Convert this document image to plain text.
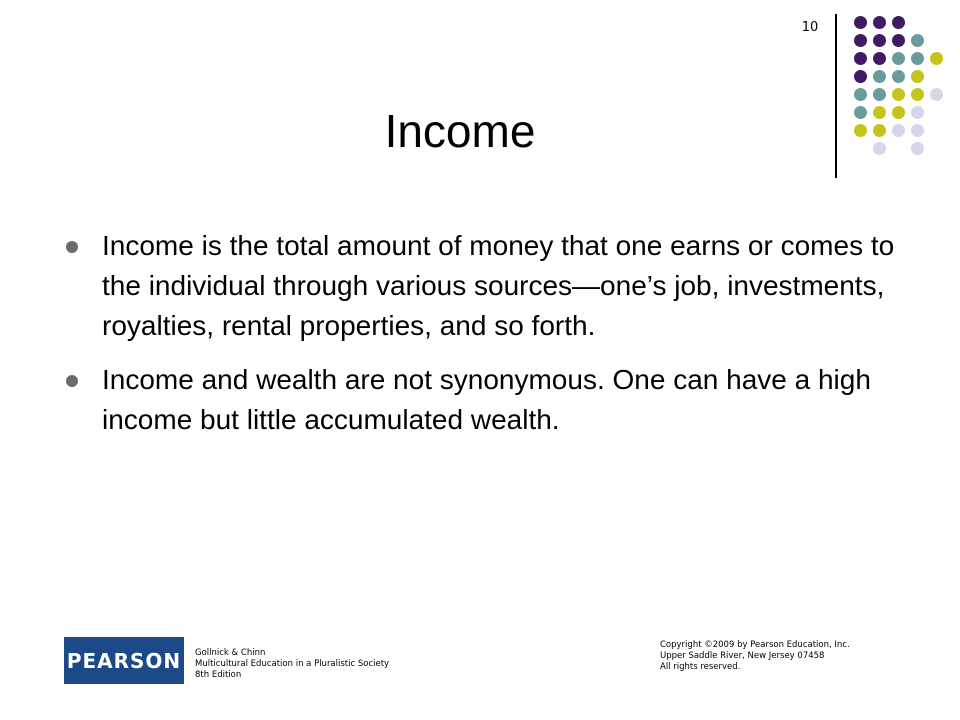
10
Income
Income is the total amount of money that one earns or comes to the individual through various sources—one’s job, investments, royalties, rental properties, and so forth.
Income and wealth are not synonymous. One can have a high income but little accumulated wealth.
PEARSON Gollnick & Chinn
Multicultural Education in a Pluralistic Society
8th Edition
Copyright ©2009 by Pearson Education, Inc.
Upper Saddle River, New Jersey 07458
All rights reserved.
